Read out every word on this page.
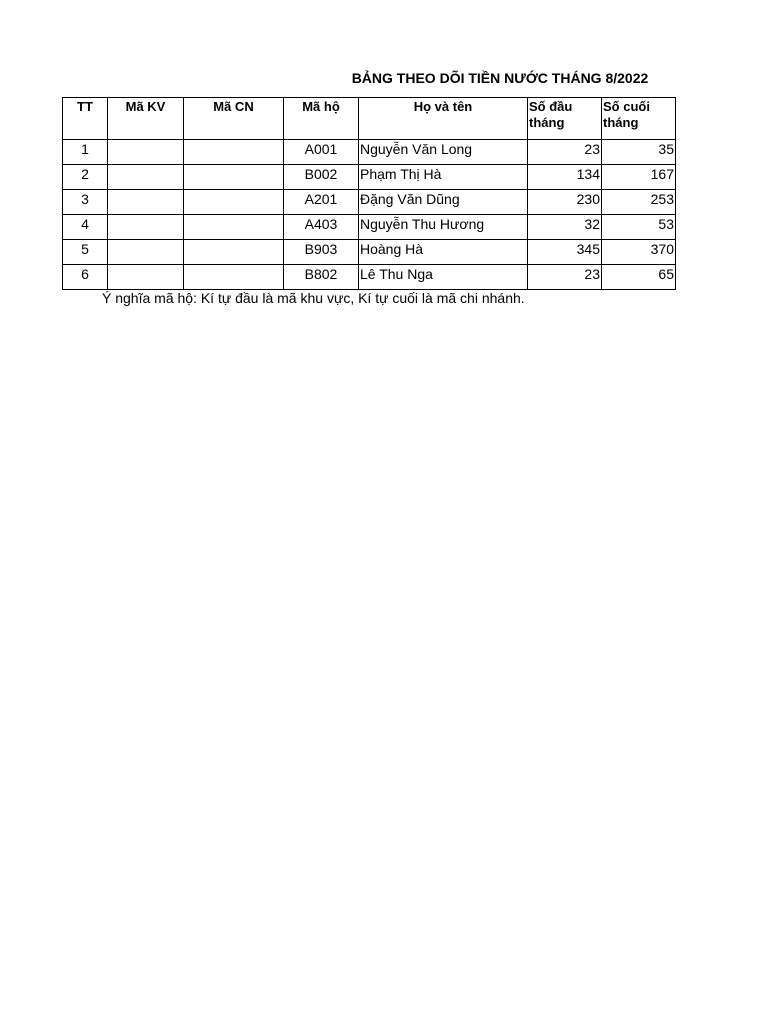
BẢNG THEO DÕI TIỀN NƯỚC THÁNG 8/2022
TT	Mã KV	Mã CN	Mã hộ	Họ và tên	Số đầu tháng	Số cuối tháng
1			A001	Nguyễn Văn Long	23	35
2			B002	Phạm Thị Hà	134	167
3			A201	Đặng Văn Dũng	230	253
4			A403	Nguyễn Thu Hương	32	53
5			B903	Hoàng Hà	345	370
6			B802	Lê Thu Nga	23	65
Ý nghĩa mã hộ: Kí tự đầu là mã khu vực, Kí tự cuối là mã chi nhánh.
